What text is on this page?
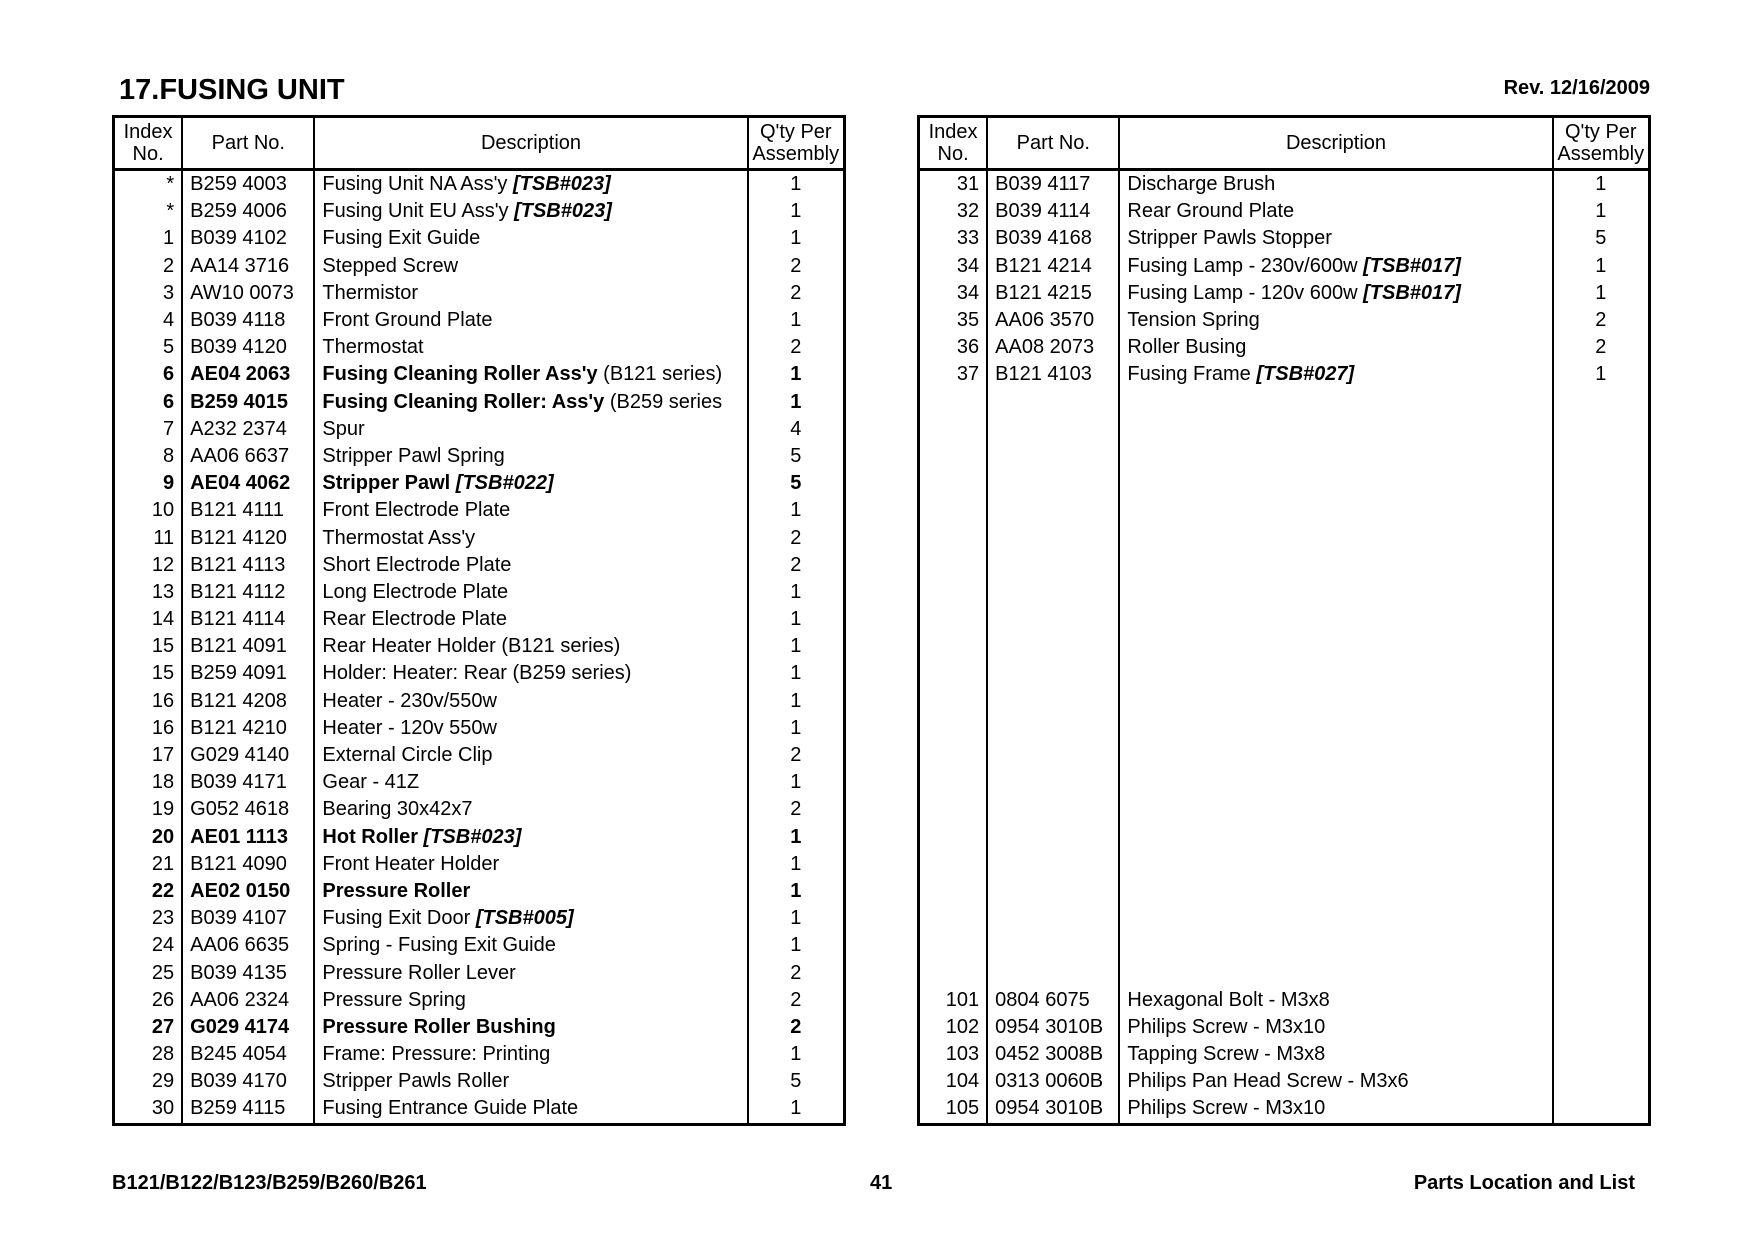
17.FUSING UNIT	Rev. 12/16/2009
Index No.	Part No.	Description	Q'ty Per Assembly
*	B259 4003	Fusing Unit NA Ass'y [TSB#023]	1
*	B259 4006	Fusing Unit EU Ass'y [TSB#023]	1
1	B039 4102	Fusing Exit Guide	1
2	AA14 3716	Stepped Screw	2
3	AW10 0073	Thermistor	2
4	B039 4118	Front Ground Plate	1
5	B039 4120	Thermostat	2
6	AE04 2063	Fusing Cleaning Roller Ass'y (B121 series)	1
6	B259 4015	Fusing Cleaning Roller: Ass'y (B259 series	1
7	A232 2374	Spur	4
8	AA06 6637	Stripper Pawl Spring	5
9	AE04 4062	Stripper Pawl [TSB#022]	5
10	B121 4111	Front Electrode Plate	1
11	B121 4120	Thermostat Ass'y	2
12	B121 4113	Short Electrode Plate	2
13	B121 4112	Long Electrode Plate	1
14	B121 4114	Rear Electrode Plate	1
15	B121 4091	Rear Heater Holder (B121 series)	1
15	B259 4091	Holder: Heater: Rear (B259 series)	1
16	B121 4208	Heater - 230v/550w	1
16	B121 4210	Heater - 120v 550w	1
17	G029 4140	External Circle Clip	2
18	B039 4171	Gear - 41Z	1
19	G052 4618	Bearing 30x42x7	2
20	AE01 1113	Hot Roller [TSB#023]	1
21	B121 4090	Front Heater Holder	1
22	AE02 0150	Pressure Roller	1
23	B039 4107	Fusing Exit Door [TSB#005]	1
24	AA06 6635	Spring - Fusing Exit Guide	1
25	B039 4135	Pressure Roller Lever	2
26	AA06 2324	Pressure Spring	2
27	G029 4174	Pressure Roller Bushing	2
28	B245 4054	Frame: Pressure: Printing	1
29	B039 4170	Stripper Pawls Roller	5
30	B259 4115	Fusing Entrance Guide Plate	1
Index No.	Part No.	Description	Q'ty Per Assembly
31	B039 4117	Discharge Brush	1
32	B039 4114	Rear Ground Plate	1
33	B039 4168	Stripper Pawls Stopper	5
34	B121 4214	Fusing Lamp - 230v/600w [TSB#017]	1
34	B121 4215	Fusing Lamp - 120v 600w [TSB#017]	1
35	AA06 3570	Tension Spring	2
36	AA08 2073	Roller Busing	2
37	B121 4103	Fusing Frame [TSB#027]	1

101	0804 6075	Hexagonal Bolt - M3x8	
102	0954 3010B	Philips Screw - M3x10	
103	0452 3008B	Tapping Screw - M3x8	
104	0313 0060B	Philips Pan Head Screw - M3x6	
105	0954 3010B	Philips Screw - M3x10	
B121/B122/B123/B259/B260/B261	41	Parts Location and List
